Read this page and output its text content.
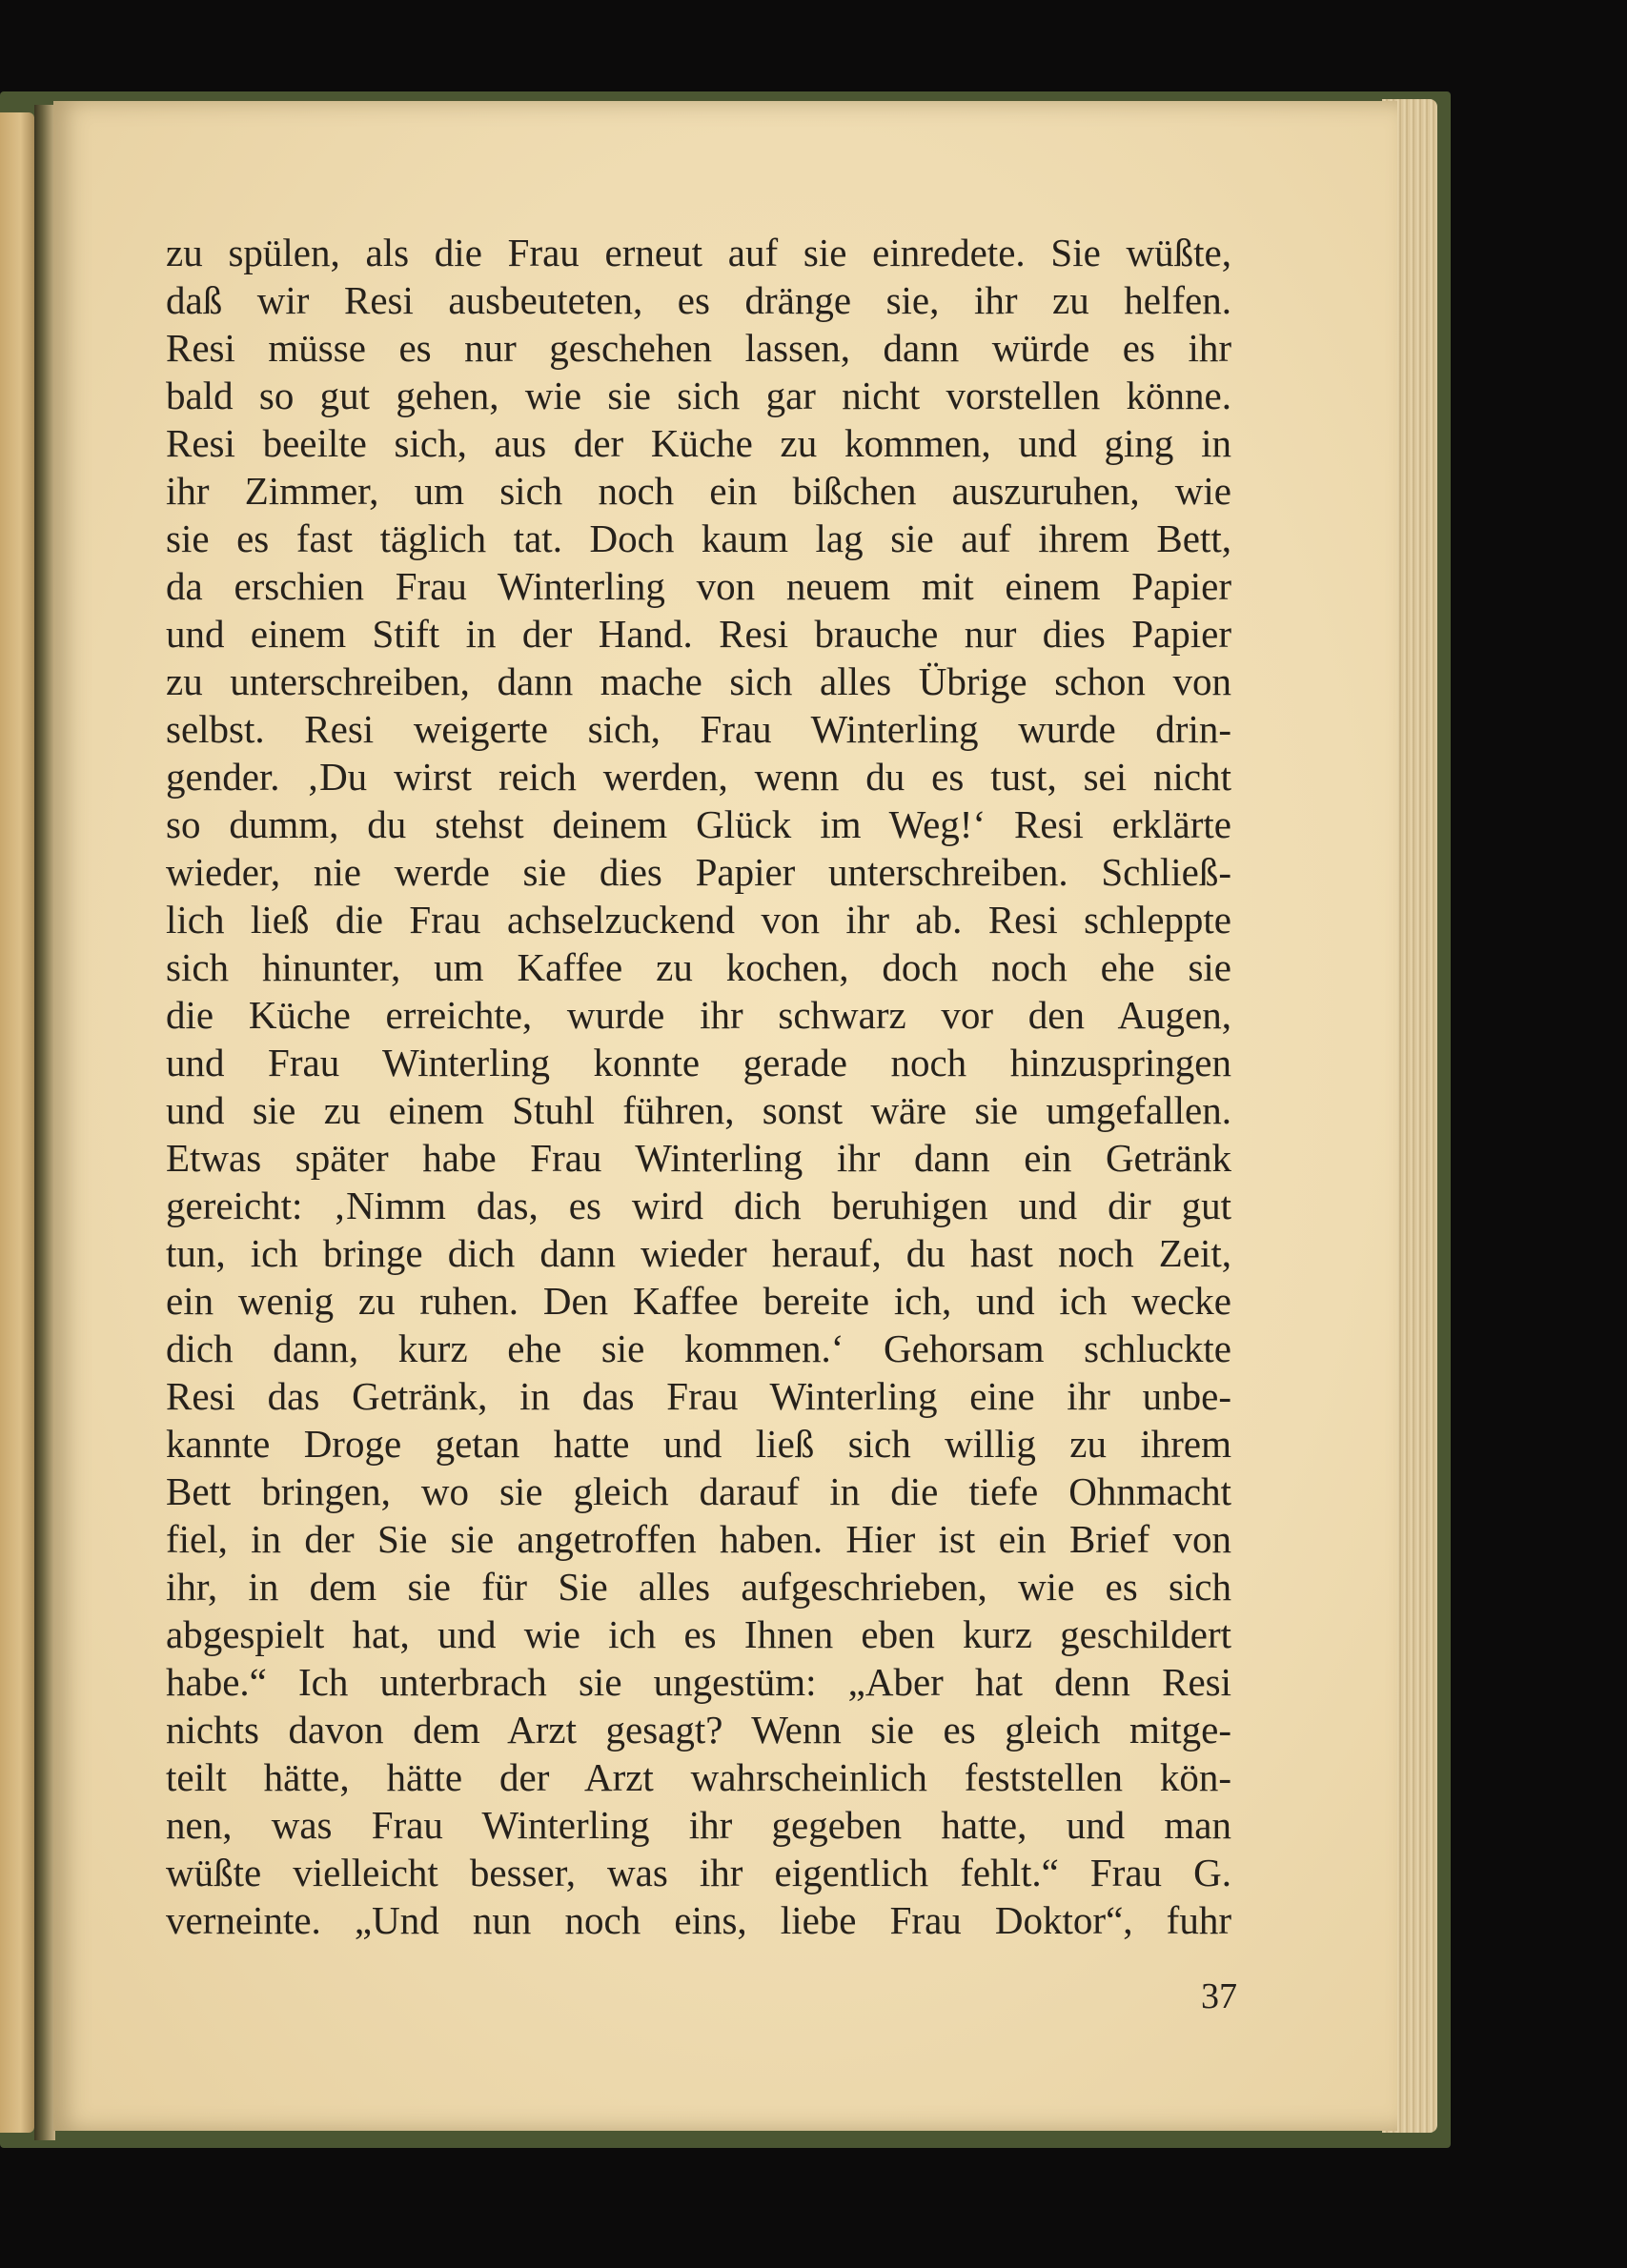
zu spülen, als die Frau erneut auf sie einredete. Sie wüßte,
daß wir Resi ausbeuteten, es dränge sie, ihr zu helfen.
Resi müsse es nur geschehen lassen, dann würde es ihr
bald so gut gehen, wie sie sich gar nicht vorstellen könne.
Resi beeilte sich, aus der Küche zu kommen, und ging in
ihr Zimmer, um sich noch ein bißchen auszuruhen, wie
sie es fast täglich tat. Doch kaum lag sie auf ihrem Bett,
da erschien Frau Winterling von neuem mit einem Papier
und einem Stift in der Hand. Resi brauche nur dies Papier
zu unterschreiben, dann mache sich alles Übrige schon von
selbst. Resi weigerte sich, Frau Winterling wurde drin-
gender. ‚Du wirst reich werden, wenn du es tust, sei nicht
so dumm, du stehst deinem Glück im Weg!‘ Resi erklärte
wieder, nie werde sie dies Papier unterschreiben. Schließ-
lich ließ die Frau achselzuckend von ihr ab. Resi schleppte
sich hinunter, um Kaffee zu kochen, doch noch ehe sie
die Küche erreichte, wurde ihr schwarz vor den Augen,
und Frau Winterling konnte gerade noch hinzuspringen
und sie zu einem Stuhl führen, sonst wäre sie umgefallen.
Etwas später habe Frau Winterling ihr dann ein Getränk
gereicht: ‚Nimm das, es wird dich beruhigen und dir gut
tun, ich bringe dich dann wieder herauf, du hast noch Zeit,
ein wenig zu ruhen. Den Kaffee bereite ich, und ich wecke
dich dann, kurz ehe sie kommen.‘ Gehorsam schluckte
Resi das Getränk, in das Frau Winterling eine ihr unbe-
kannte Droge getan hatte und ließ sich willig zu ihrem
Bett bringen, wo sie gleich darauf in die tiefe Ohnmacht
fiel, in der Sie sie angetroffen haben. Hier ist ein Brief von
ihr, in dem sie für Sie alles aufgeschrieben, wie es sich
abgespielt hat, und wie ich es Ihnen eben kurz geschildert
habe.“ Ich unterbrach sie ungestüm: „Aber hat denn Resi
nichts davon dem Arzt gesagt? Wenn sie es gleich mitge-
teilt hätte, hätte der Arzt wahrscheinlich feststellen kön-
nen, was Frau Winterling ihr gegeben hatte, und man
wüßte vielleicht besser, was ihr eigentlich fehlt.“ Frau G.
verneinte. „Und nun noch eins, liebe Frau Doktor“, fuhr
37
